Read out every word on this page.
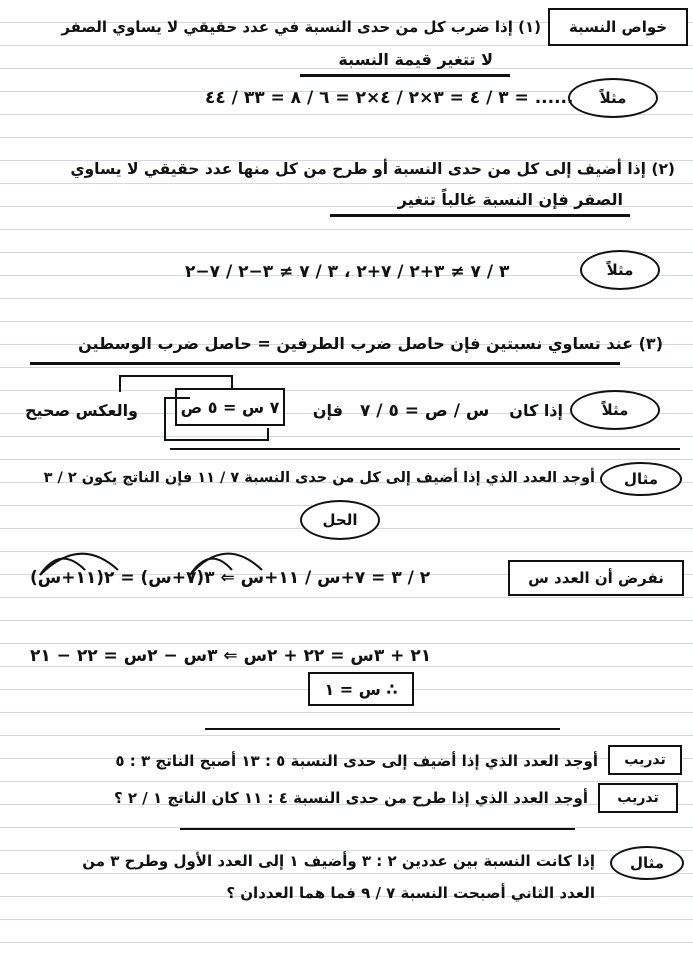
خواص النسبة
(١) إذا ضرب كل من حدى النسبة في عدد حقيقي لا يساوي الصفر
لا تتغير قيمة النسبة
مثلاً
٣ / ٤ = ٣×٢ / ٤×٢ = ٦ / ٨ = ٣٣ / ٤٤ = ......
(٢) إذا أضيف إلى كل من حدى النسبة أو طرح من كل منها عدد حقيقي لا يساوي
الصفر فإن النسبة غالباً تتغير
مثلاً
٣ / ٧ ≠ ٣+٢ / ٧+٢ ، ٣ / ٧ ≠ ٣−٢ / ٧−٢
(٣) عند تساوي نسبتين فإن حاصل ضرب الطرفين = حاصل ضرب الوسطين
مثلاً
إذا كان
س / ص = ٥ / ٧
فإن
٧ س = ٥ ص
والعكس صحيح
مثال
أوجد العدد الذي إذا أضيف إلى كل من حدى النسبة ٧ / ١١ فإن الناتج يكون ٢ / ٣
الحل
نفرض أن العدد س
٢ / ٣ = ٧+س / ١١+س ⇐ ٣(٧+س) = ٢(١١+س)
٢١ + ٣س = ٢٢ + ٢س ⇐ ٣س − ٢س = ٢٢ − ٢١
∴ س = ١
تدريب
أوجد العدد الذي إذا أضيف إلى حدى النسبة ٥ : ١٣ أصبح الناتج ٣ : ٥
تدريب
أوجد العدد الذي إذا طرح من حدى النسبة ٤ : ١١ كان الناتج ١ / ٢ ؟
مثال
إذا كانت النسبة بين عددين ٢ : ٣ وأضيف ١ إلى العدد الأول وطرح ٣ من
العدد الثاني أصبحت النسبة ٧ / ٩ فما هما العددان ؟
